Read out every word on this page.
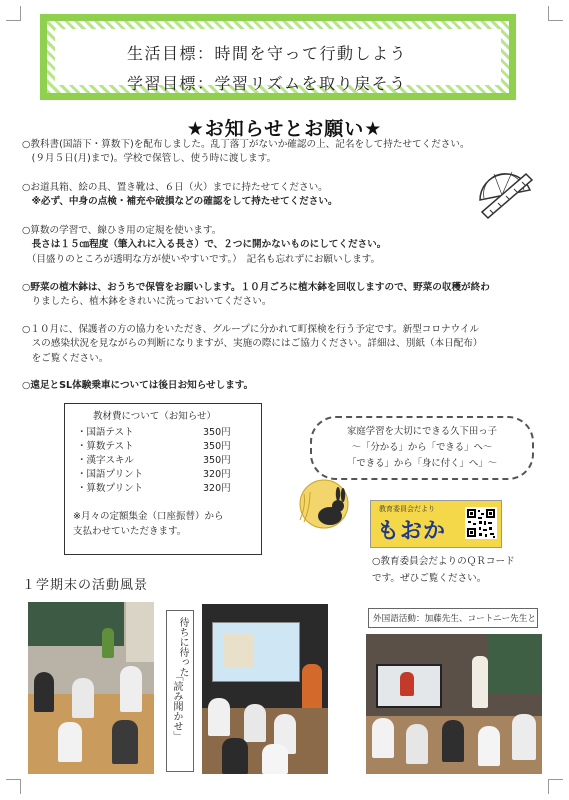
生活目標：時間を守って行動しよう
学習目標：学習リズムを取り戻そう
★お知らせとお願い★
○教科書(国語下・算数下)を配布しました。乱丁落丁がないか確認の上、記名をして持たせてください。
　(９月５日(月)まで)。学校で保管し、使う時に渡します。
○お道具箱、絵の具、置き靴は、６日（火）までに持たせてください。
　※必ず、中身の点検・補充や破損などの確認をして持たせてください。
○算数の学習で、線ひき用の定規を使います。
　長さは１５㎝程度（筆入れに入る長さ）で、２つに開かないものにしてください。
　（目盛りのところが透明な方が使いやすいです。）　記名も忘れずにお願いします。
○野菜の植木鉢は、おうちで保管をお願いします。１０月ごろに植木鉢を回収しますので、野菜の収穫が終わ
　りましたら、植木鉢をきれいに洗っておいてください。
○１０月に、保護者の方の協力をいただき、グループに分かれて町探検を行う予定です。新型コロナウイル
　スの感染状況を見ながらの判断になりますが、実施の際にはご協力ください。詳細は、別紙（本日配布）
　をご覧ください。
○遠足とSL体験乗車については後日お知らせします。
教材費について（お知らせ）
・国語テスト	350円
・算数テスト	350円
・漢字スキル	350円
・国語プリント	320円
・算数プリント	320円
※月々の定額集金（口座振替）から
支払わせていただきます。
家庭学習を大切にできる久下田っ子
～「分かる」から「できる」へ～
「できる」から「身に付く」へ」～
教育委員会だより
もおか
○教育委員会だよりのＱＲコード
です。ぜひご覧ください。
１学期末の活動風景
待ちに待った
「読み聞かせ」
外国語活動：加藤先生、コートニー先生と
